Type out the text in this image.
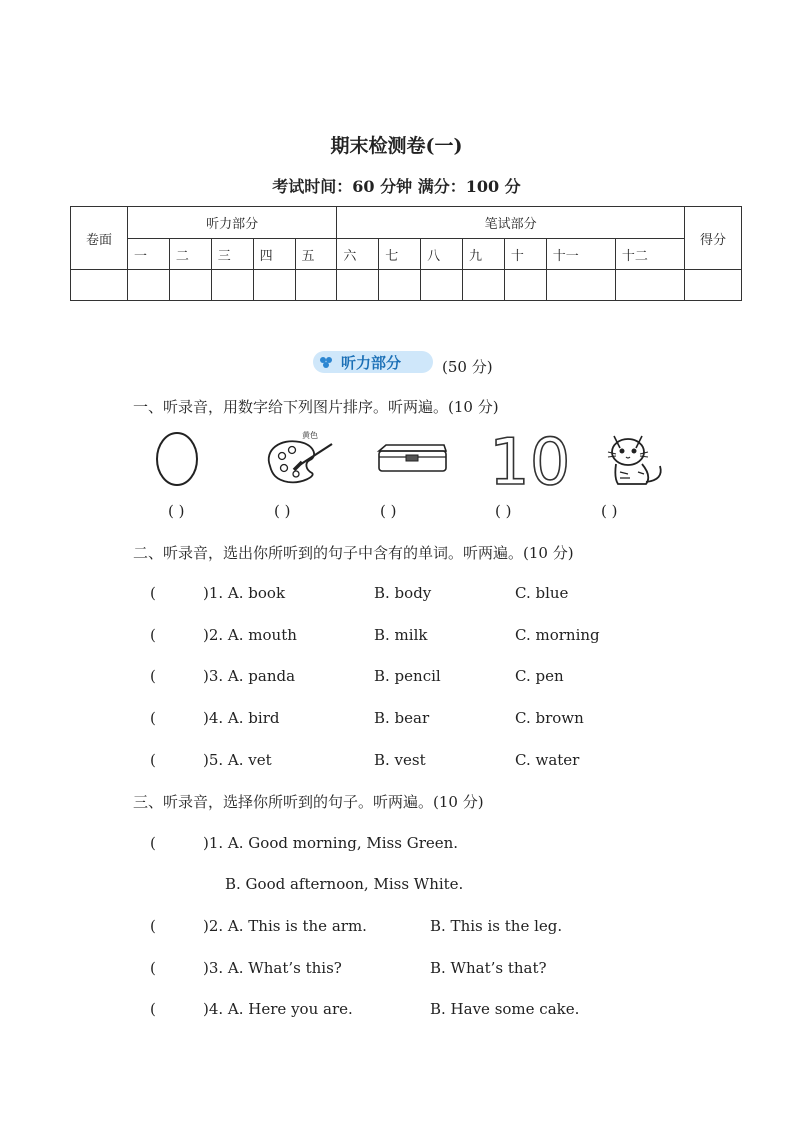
期末检测卷(一)
考试时间：60 分钟 满分：100 分
卷面	听力部分					笔试部分							得分
	一	二	三	四	五	六	七	八	九	十	十一	十二	

听力部分	(50 分)
一、听录音，用数字给下列图片排序。听两遍。(10 分)
黄色	10
( )	( )	( )	( )	( )
二、听录音，选出你所听到的句子中含有的单词。听两遍。(10 分)
(	)1. A. book	B. body	C. blue
(	)2. A. mouth	B. milk	C. morning
(	)3. A. panda	B. pencil	C. pen
(	)4. A. bird	B. bear	C. brown
(	)5. A. vet	B. vest	C. water
三、听录音，选择你所听到的句子。听两遍。(10 分)
(	)1. A. Good morning, Miss Green.
B. Good afternoon, Miss White.
(	)2. A. This is the arm.	B. This is the leg.
(	)3. A. What’s this?	B. What’s that?
(	)4. A. Here you are.	B. Have some cake.
